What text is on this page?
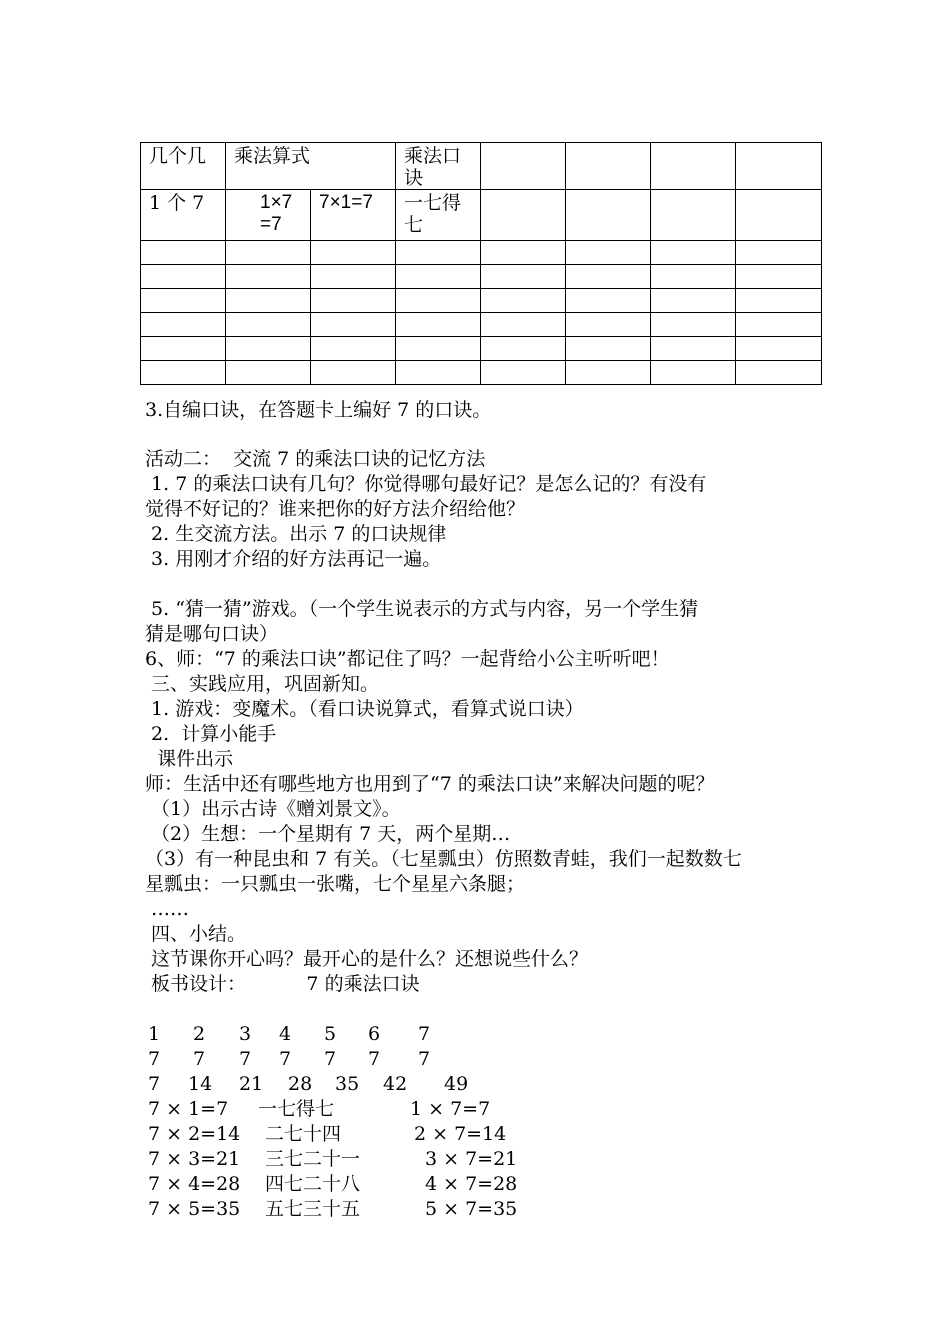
几个几	乘法算式		乘法口诀				
1 个 7	1×7 =7	7×1=7	一七得七				

3.自编口诀，在答题卡上编好 7 的口诀。
活动二：  交流 7 的乘法口诀的记忆方法
1. 7 的乘法口诀有几句？你觉得哪句最好记？是怎么记的？有没有
觉得不好记的？谁来把你的好方法介绍给他？
2. 生交流方法。出示 7 的口诀规律
3. 用刚才介绍的好方法再记一遍。
5. “猜一猜”游戏。（一个学生说表示的方式与内容，另一个学生猜
猜是哪句口诀）
6、师：“7 的乘法口诀”都记住了吗？一起背给小公主听听吧！
三、实践应用，巩固新知。
1. 游戏：变魔术。（看口诀说算式，看算式说口诀）
2.  计算小能手
课件出示
师：生活中还有哪些地方也用到了“7 的乘法口诀”来解决问题的呢？
（1）出示古诗《赠刘景文》。
（2）生想：一个星期有 7 天，两个星期…
（3）有一种昆虫和 7 有关。（七星瓢虫）仿照数青蛙，我们一起数数七
星瓢虫：一只瓢虫一张嘴，七个星星六条腿；
……
四、小结。
这节课你开心吗？最开心的是什么？还想说些什么？
板书设计：          7 的乘法口诀
1 2 3 4 5 6 7
7 7 7 7 7 7 7
7 14 21 28 35 42 49
7 × 1=7 一七得七	1 × 7=7
7 × 2=14 二七十四	2 × 7=14
7 × 3=21 三七二十一	3 × 7=21
7 × 4=28 四七二十八	4 × 7=28
7 × 5=35 五七三十五	5 × 7=35
